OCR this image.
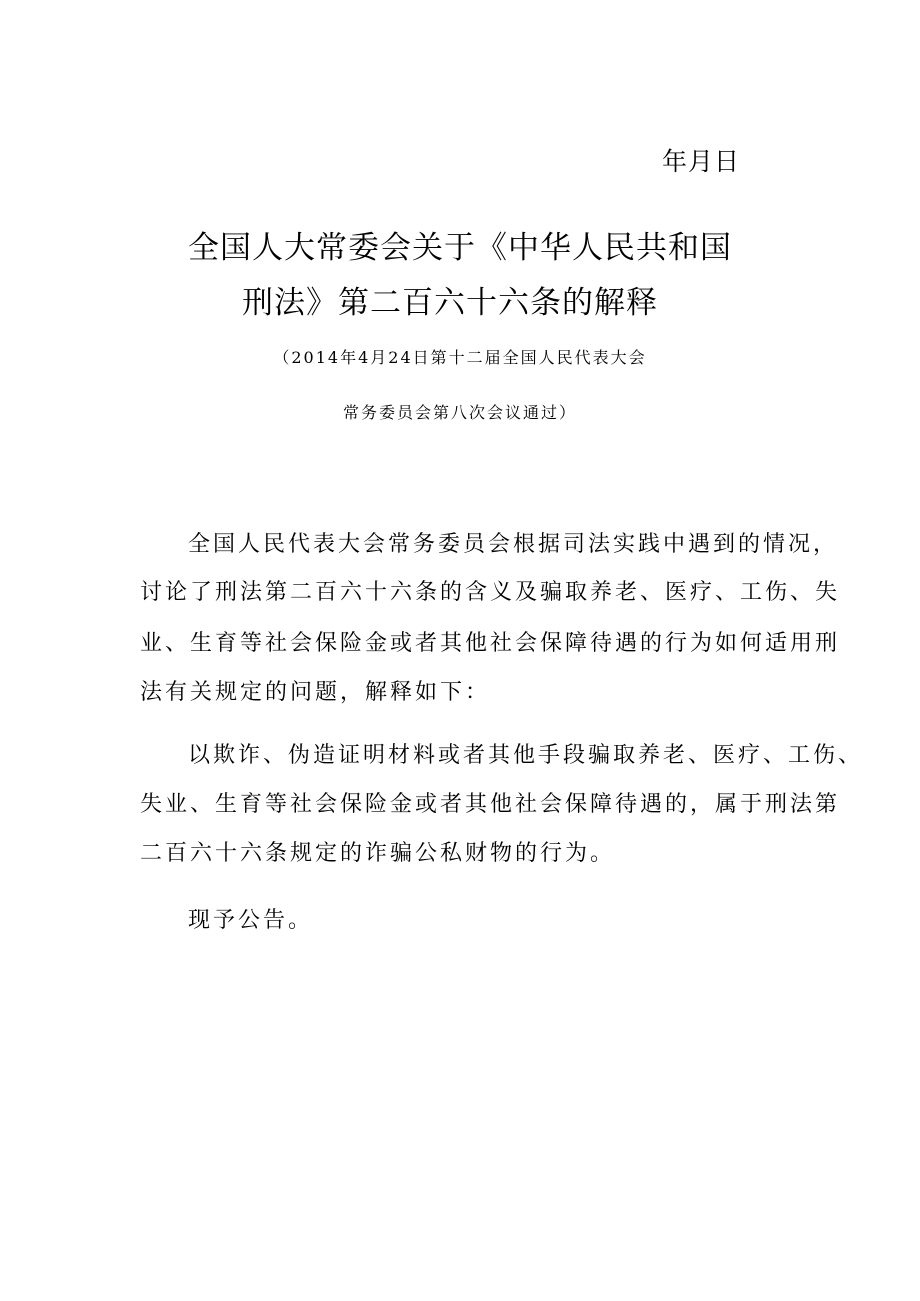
年月日
全国人大常委会关于《中华人民共和国
刑法》第二百六十六条的解释
（2014年4月24日第十二届全国人民代表大会
常务委员会第八次会议通过）
全国人民代表大会常务委员会根据司法实践中遇到的情况，
讨论了刑法第二百六十六条的含义及骗取养老、医疗、工伤、失
业、生育等社会保险金或者其他社会保障待遇的行为如何适用刑
法有关规定的问题，解释如下：
以欺诈、伪造证明材料或者其他手段骗取养老、医疗、工伤、
失业、生育等社会保险金或者其他社会保障待遇的，属于刑法第
二百六十六条规定的诈骗公私财物的行为。
现予公告。
